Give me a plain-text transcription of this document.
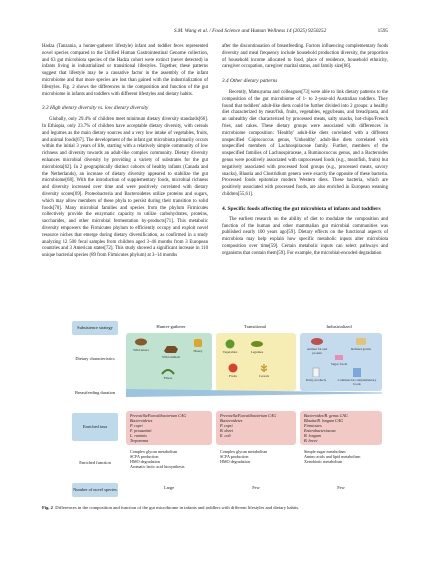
S.M. Wang et al. / Food Science and Human Wellness 14 (2025) 9250252	1595

Hadza (Tanzania, a hunter-gatherer lifestyle) infant and toddler feces represented novel species compared to the Unified Human Gastrointestinal Genome collection, and 63 gut microbiota species of the Hadza cohort were extinct (never detected) in infants living in industrialized or transitional lifestyles. Together, these patterns suggest that lifestyle may be a causative factor in the assembly of the infant microbiome and that more species are lost than gained with the industrialization of lifestyles. Fig. 2 shows the differences in the composition and function of the gut microbiome in infants and toddlers with different lifestyles and dietary habits.

3.3 High dietary diversity vs. low dietary diversity

Globally, only 29.4% of children meet minimum dietary diversity standards[66]. In Ethiopia, only 23.7% of children have acceptable dietary diversity, with cereals and legumes as the main dietary sources and a very low intake of vegetables, fruits, and animal foods[67]. The development of the infant gut microbiota primarily occurs within the initial 3 years of life, starting with a relatively simple community of low richness and diversity towards an adult-like complex community. Dietary diversity enhances microbial diversity by providing a variety of substrates for the gut microbiota[62]. In 2 geographically distinct cohorts of healthy infants (Canada and the Netherlands), an increase of dietary diversity appeared to stabilize the gut microbiome[68]. With the introduction of supplementary foods, microbial richness and diversity increased over time and were positively correlated with dietary diversity scores[69]. Proteobacteria and Bacteroidetes utilize proteins and sugars, which may allow members of these phyla to persist during their transition to solid foods[70]. Many microbial families and species from the phylum Firmicutes collectively provide the enzymatic capacity to utilize carbohydrates, proteins, saccharides, and other microbial fermentation by-products[71]. This metabolic diversity empowers the Firmicutes phylum to efficiently occupy and exploit novel resource niches that emerge during dietary diversification, as confirmed in a study analyzing 12 500 fecal samples from children aged 3–46 months from 3 European countries and 3 American states[72]. This study showed a significant increase in 110 unique bacterial species (89 from Firmicutes phylum) at 3–14 months

after the discontinuation of breastfeeding. Factors influencing complementary foods diversity and meal frequency include household production diversity, the proportion of household income allocated to food, place of residence, household ethnicity, caregiver occupation, caregiver marital status, and family size[66].

3.4 Other dietary patterns

Recently, Matsuyama and colleagues[73] were able to link dietary patterns to the composition of the gut microbiome of 1- to 2-year-old Australian toddlers. They found that toddlers' adult-like diets could be further divided into 2 groups: a healthy diet characterized by meat/fish, fruits, vegetables, eggs/beans, and bread/pasta, and an unhealthy diet characterized by processed meats, salty snacks, hot-chips/French fries, and cakes. These dietary groups were associated with differences in microbiome composition: 'Healthy' adult-like diets correlated with a different unspecified Coprococcus genus, 'Unhealthy' adult-like diets correlated with unspecified members of Lachnospiraceae family. Further, members of the unspecified families of Lachnospiraceae, a Ruminococcus genus, and a Bacteroides genus were positively associated with unprocessed foods (e.g., meat/fish, fruits) but negatively associated with processed food groups (e.g., processed meats, savory snacks), Blautia and Clostridium genera were exactly the opposite of these bacteria. Processed foods epitomize modern Western diets. These bacteria, which are positively associated with processed foods, are also enriched in European weaning children[55,61].

4. Specific foods affecting the gut microbiota of infants and toddlers

The earliest research on the ability of diet to modulate the composition and function of the human and other mammalian gut microbial communities was published nearly 100 years ago[59]. Dietary effects on the functional aspects of microbiota may help explain how specific metabolic inputs alter microbiota composition over time[59]. Certain metabolic inputs can select pathways and organisms that contain them[59]. For example, the microbial-encoded degradation

Subsistence strategy
Dietary characteristics
Breastfeeding duration
Enriched taxa
Enriched function
Number of novel species
Hunter-gatherer	Transitional	Industrialized
Wild tubers
Wild animals
Honey
Fibers
Vegetables	Legumes
Fruits	Cereals
Animal fat and protein
Refined grains
Sugar foods
Dairy products	Commercial complementary foods
Prevotella/Faecalibacterium CAG
Bacteroidetes
P. copri
F. prausnitzii
L. ruminis
Treponema
Prevotella/Faecalibacterium CAG
Bacteroidetes
P. copri
B. dorei
E. coli
Bacteroides/B. genus CAG
Blautia/B. longum CAG
Firmicutes
Enterobacteriaceae
B. longum
B. breve
Complex glycan metabolism
SCFA production
HMO degradation
Aromatic lactic acid biosynthesis
Complex glycan metabolism
SCFA production
HMO degradation
Simple sugar metabolism
Amino acids and lipid metabolism
Xenobiotic metabolism
Large	Few	Few
Fig. 2 Differences in the composition and function of the gut microbiome in infants and toddlers with different lifestyles and dietary habits.
